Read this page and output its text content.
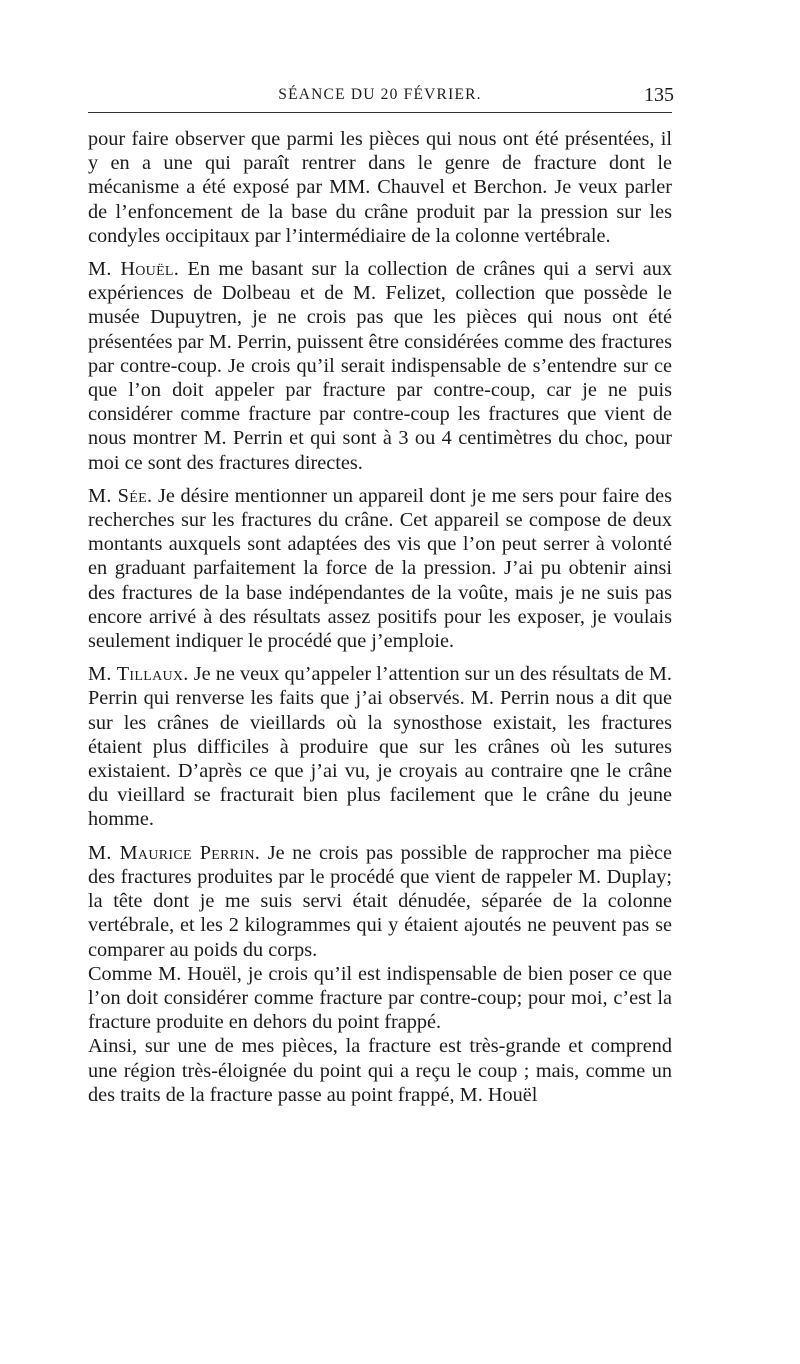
SÉANCE DU 20 FÉVRIER.	135

pour faire observer que parmi les pièces qui nous ont été présentées, il y en a une qui paraît rentrer dans le genre de fracture dont le mécanisme a été exposé par MM. Chauvel et Berchon. Je veux parler de l’enfoncement de la base du crâne produit par la pression sur les condyles occipitaux par l’intermédiaire de la colonne vertébrale.

M. Houël. En me basant sur la collection de crânes qui a servi aux expériences de Dolbeau et de M. Felizet, collection que possède le musée Dupuytren, je ne crois pas que les pièces qui nous ont été présentées par M. Perrin, puissent être considérées comme des fractures par contre-coup. Je crois qu’il serait indispensable de s’entendre sur ce que l’on doit appeler par fracture par contre-coup, car je ne puis considérer comme fracture par contre-coup les fractures que vient de nous montrer M. Perrin et qui sont à 3 ou 4 centimètres du choc, pour moi ce sont des fractures directes.

M. Sée. Je désire mentionner un appareil dont je me sers pour faire des recherches sur les fractures du crâne. Cet appareil se compose de deux montants auxquels sont adaptées des vis que l’on peut serrer à volonté en graduant parfaitement la force de la pression. J’ai pu obtenir ainsi des fractures de la base indépendantes de la voûte, mais je ne suis pas encore arrivé à des résultats assez positifs pour les exposer, je voulais seulement indiquer le procédé que j’emploie.

M. Tillaux. Je ne veux qu’appeler l’attention sur un des résultats de M. Perrin qui renverse les faits que j’ai observés. M. Perrin nous a dit que sur les crânes de vieillards où la synosthose existait, les fractures étaient plus difficiles à produire que sur les crânes où les sutures existaient. D’après ce que j’ai vu, je croyais au contraire qne le crâne du vieillard se fracturait bien plus facilement que le crâne du jeune homme.

M. Maurice Perrin. Je ne crois pas possible de rapprocher ma pièce des fractures produites par le procédé que vient de rappeler M. Duplay; la tête dont je me suis servi était dénudée, séparée de la colonne vertébrale, et les 2 kilogrammes qui y étaient ajoutés ne peuvent pas se comparer au poids du corps.

Comme M. Houël, je crois qu’il est indispensable de bien poser ce que l’on doit considérer comme fracture par contre-coup; pour moi, c’est la fracture produite en dehors du point frappé.

Ainsi, sur une de mes pièces, la fracture est très-grande et comprend une région très-éloignée du point qui a reçu le coup ; mais, comme un des traits de la fracture passe au point frappé, M. Houël
